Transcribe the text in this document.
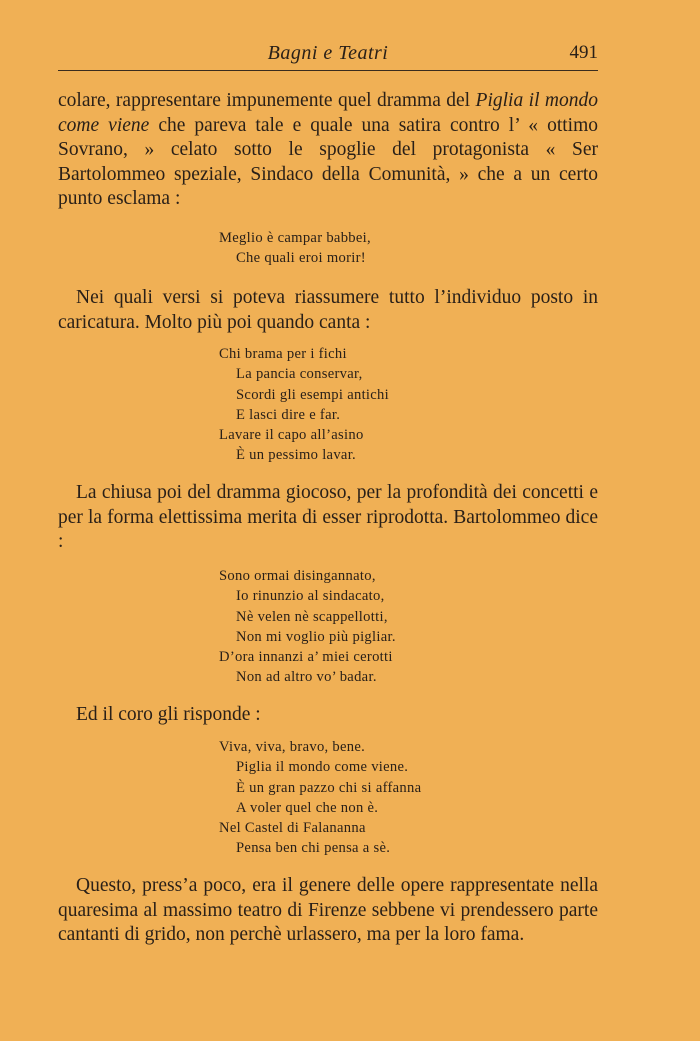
Bagni e Teatri	491

colare, rappresentare impunemente quel dramma del Piglia il mondo come viene che pareva tale e quale una satira contro l’ « ottimo Sovrano, » celato sotto le spoglie del protagonista « Ser Bartolommeo speziale, Sindaco della Comunità, » che a un certo punto esclama :

Meglio è campar babbei,
Che quali eroi morir!

Nei quali versi si poteva riassumere tutto l’individuo posto in caricatura. Molto più poi quando canta :

Chi brama per i fichi
La pancia conservar,
Scordi gli esempi antichi
E lasci dire e far.
Lavare il capo all’asino
È un pessimo lavar.

La chiusa poi del dramma giocoso, per la profondità dei concetti e per la forma elettissima merita di esser riprodotta. Bartolommeo dice :

Sono ormai disingannato,
Io rinunzio al sindacato,
Nè velen nè scappellotti,
Non mi voglio più pigliar.
D’ora innanzi a’ miei cerotti
Non ad altro vo’ badar.

Ed il coro gli risponde :

Viva, viva, bravo, bene.
Piglia il mondo come viene.
È un gran pazzo chi si affanna
A voler quel che non è.
Nel Castel di Falananna
Pensa ben chi pensa a sè.

Questo, press’a poco, era il genere delle opere rappresentate nella quaresima al massimo teatro di Firenze sebbene vi prendessero parte cantanti di grido, non perchè urlassero, ma per la loro fama.
